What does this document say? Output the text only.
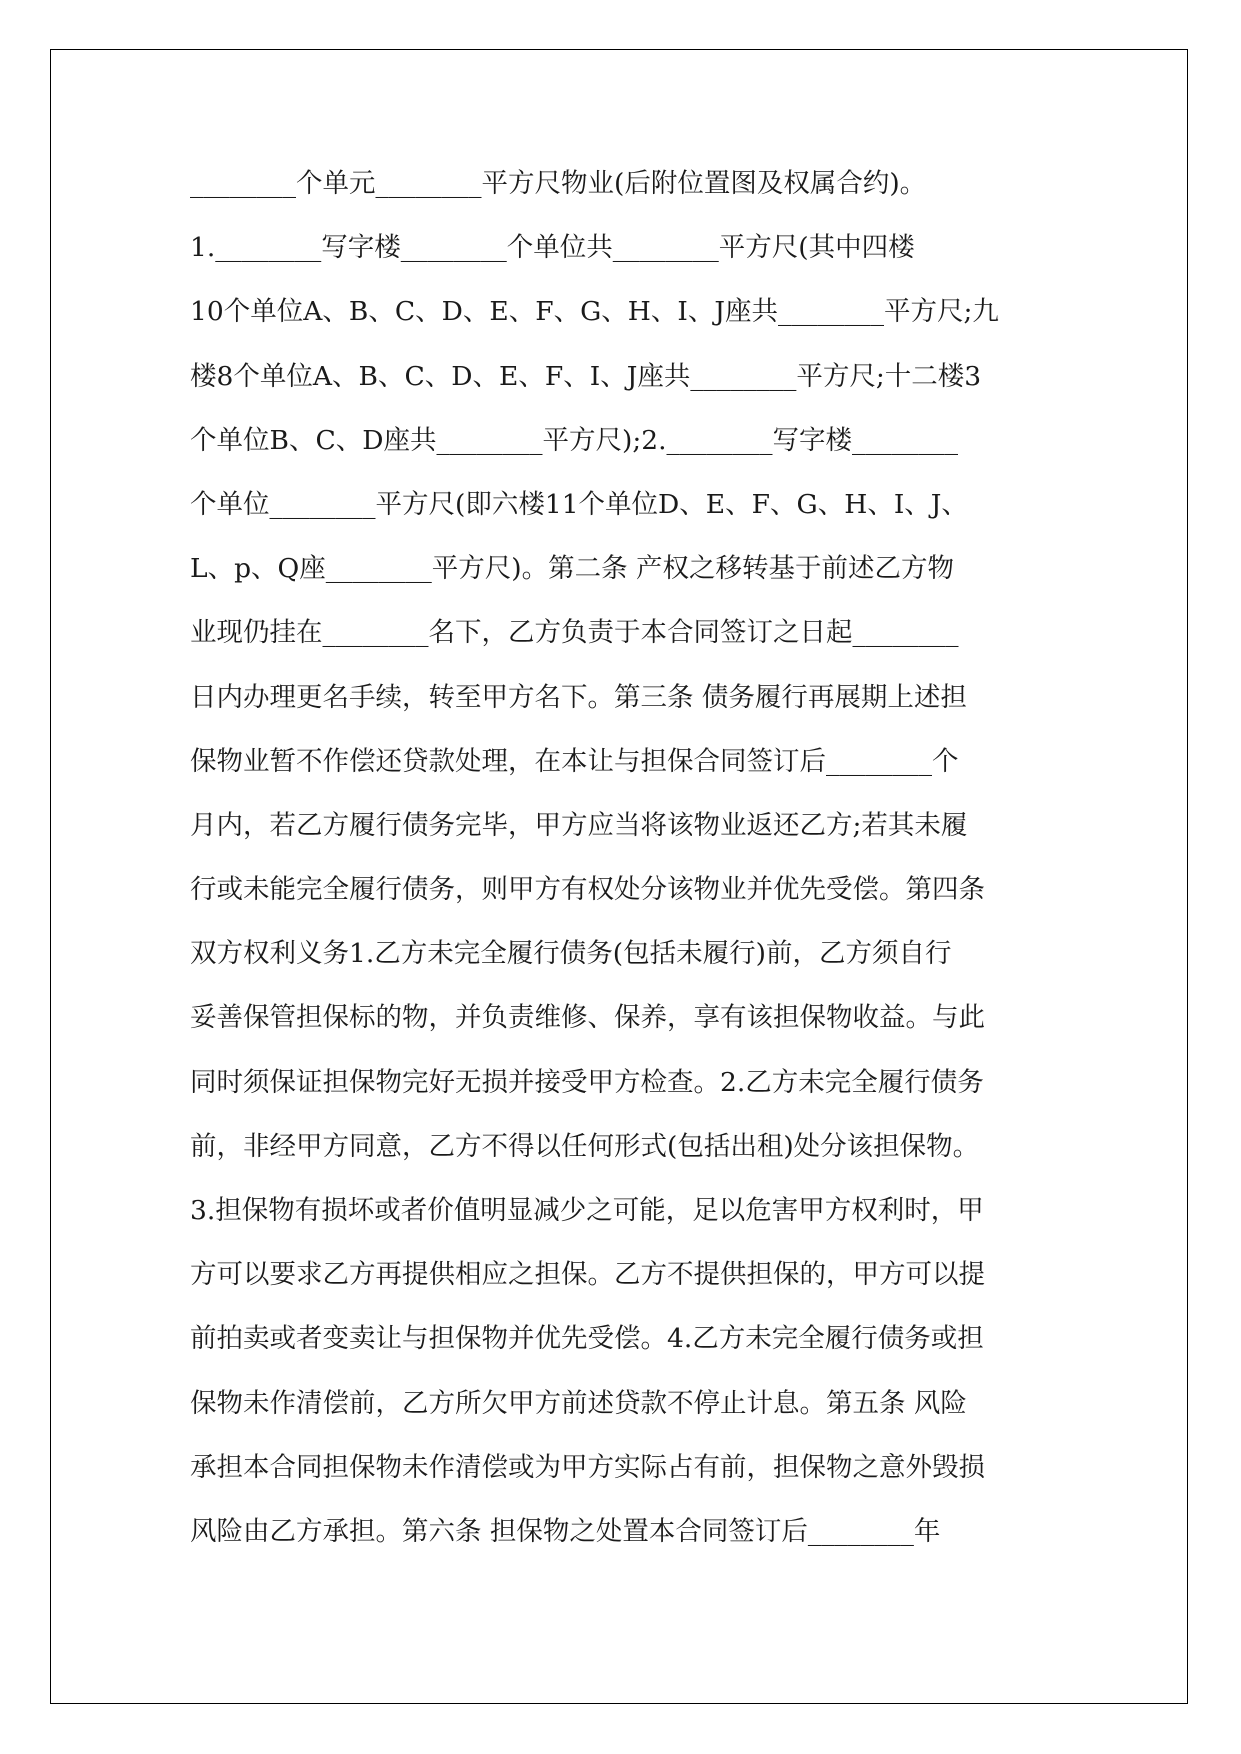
________个单元________平方尺物业(后附位置图及权属合约)。

1.________写字楼________个单位共________平方尺(其中四楼

10个单位A、B、C、D、E、F、G、H、I、J座共________平方尺;九

楼8个单位A、B、C、D、E、F、I、J座共________平方尺;十二楼3

个单位B、C、D座共________平方尺);2.________写字楼________

个单位________平方尺(即六楼11个单位D、E、F、G、H、I、J、

L、p、Q座________平方尺)。第二条 产权之移转基于前述乙方物

业现仍挂在________名下，乙方负责于本合同签订之日起________

日内办理更名手续，转至甲方名下。第三条 债务履行再展期上述担

保物业暂不作偿还贷款处理，在本让与担保合同签订后________个

月内，若乙方履行债务完毕，甲方应当将该物业返还乙方;若其未履

行或未能完全履行债务，则甲方有权处分该物业并优先受偿。第四条

双方权利义务1.乙方未完全履行债务(包括未履行)前，乙方须自行

妥善保管担保标的物，并负责维修、保养，享有该担保物收益。与此

同时须保证担保物完好无损并接受甲方检查。2.乙方未完全履行债务

前，非经甲方同意，乙方不得以任何形式(包括出租)处分该担保物。

3.担保物有损坏或者价值明显减少之可能，足以危害甲方权利时，甲

方可以要求乙方再提供相应之担保。乙方不提供担保的，甲方可以提

前拍卖或者变卖让与担保物并优先受偿。4.乙方未完全履行债务或担

保物未作清偿前，乙方所欠甲方前述贷款不停止计息。第五条 风险

承担本合同担保物未作清偿或为甲方实际占有前，担保物之意外毁损

风险由乙方承担。第六条 担保物之处置本合同签订后________年
